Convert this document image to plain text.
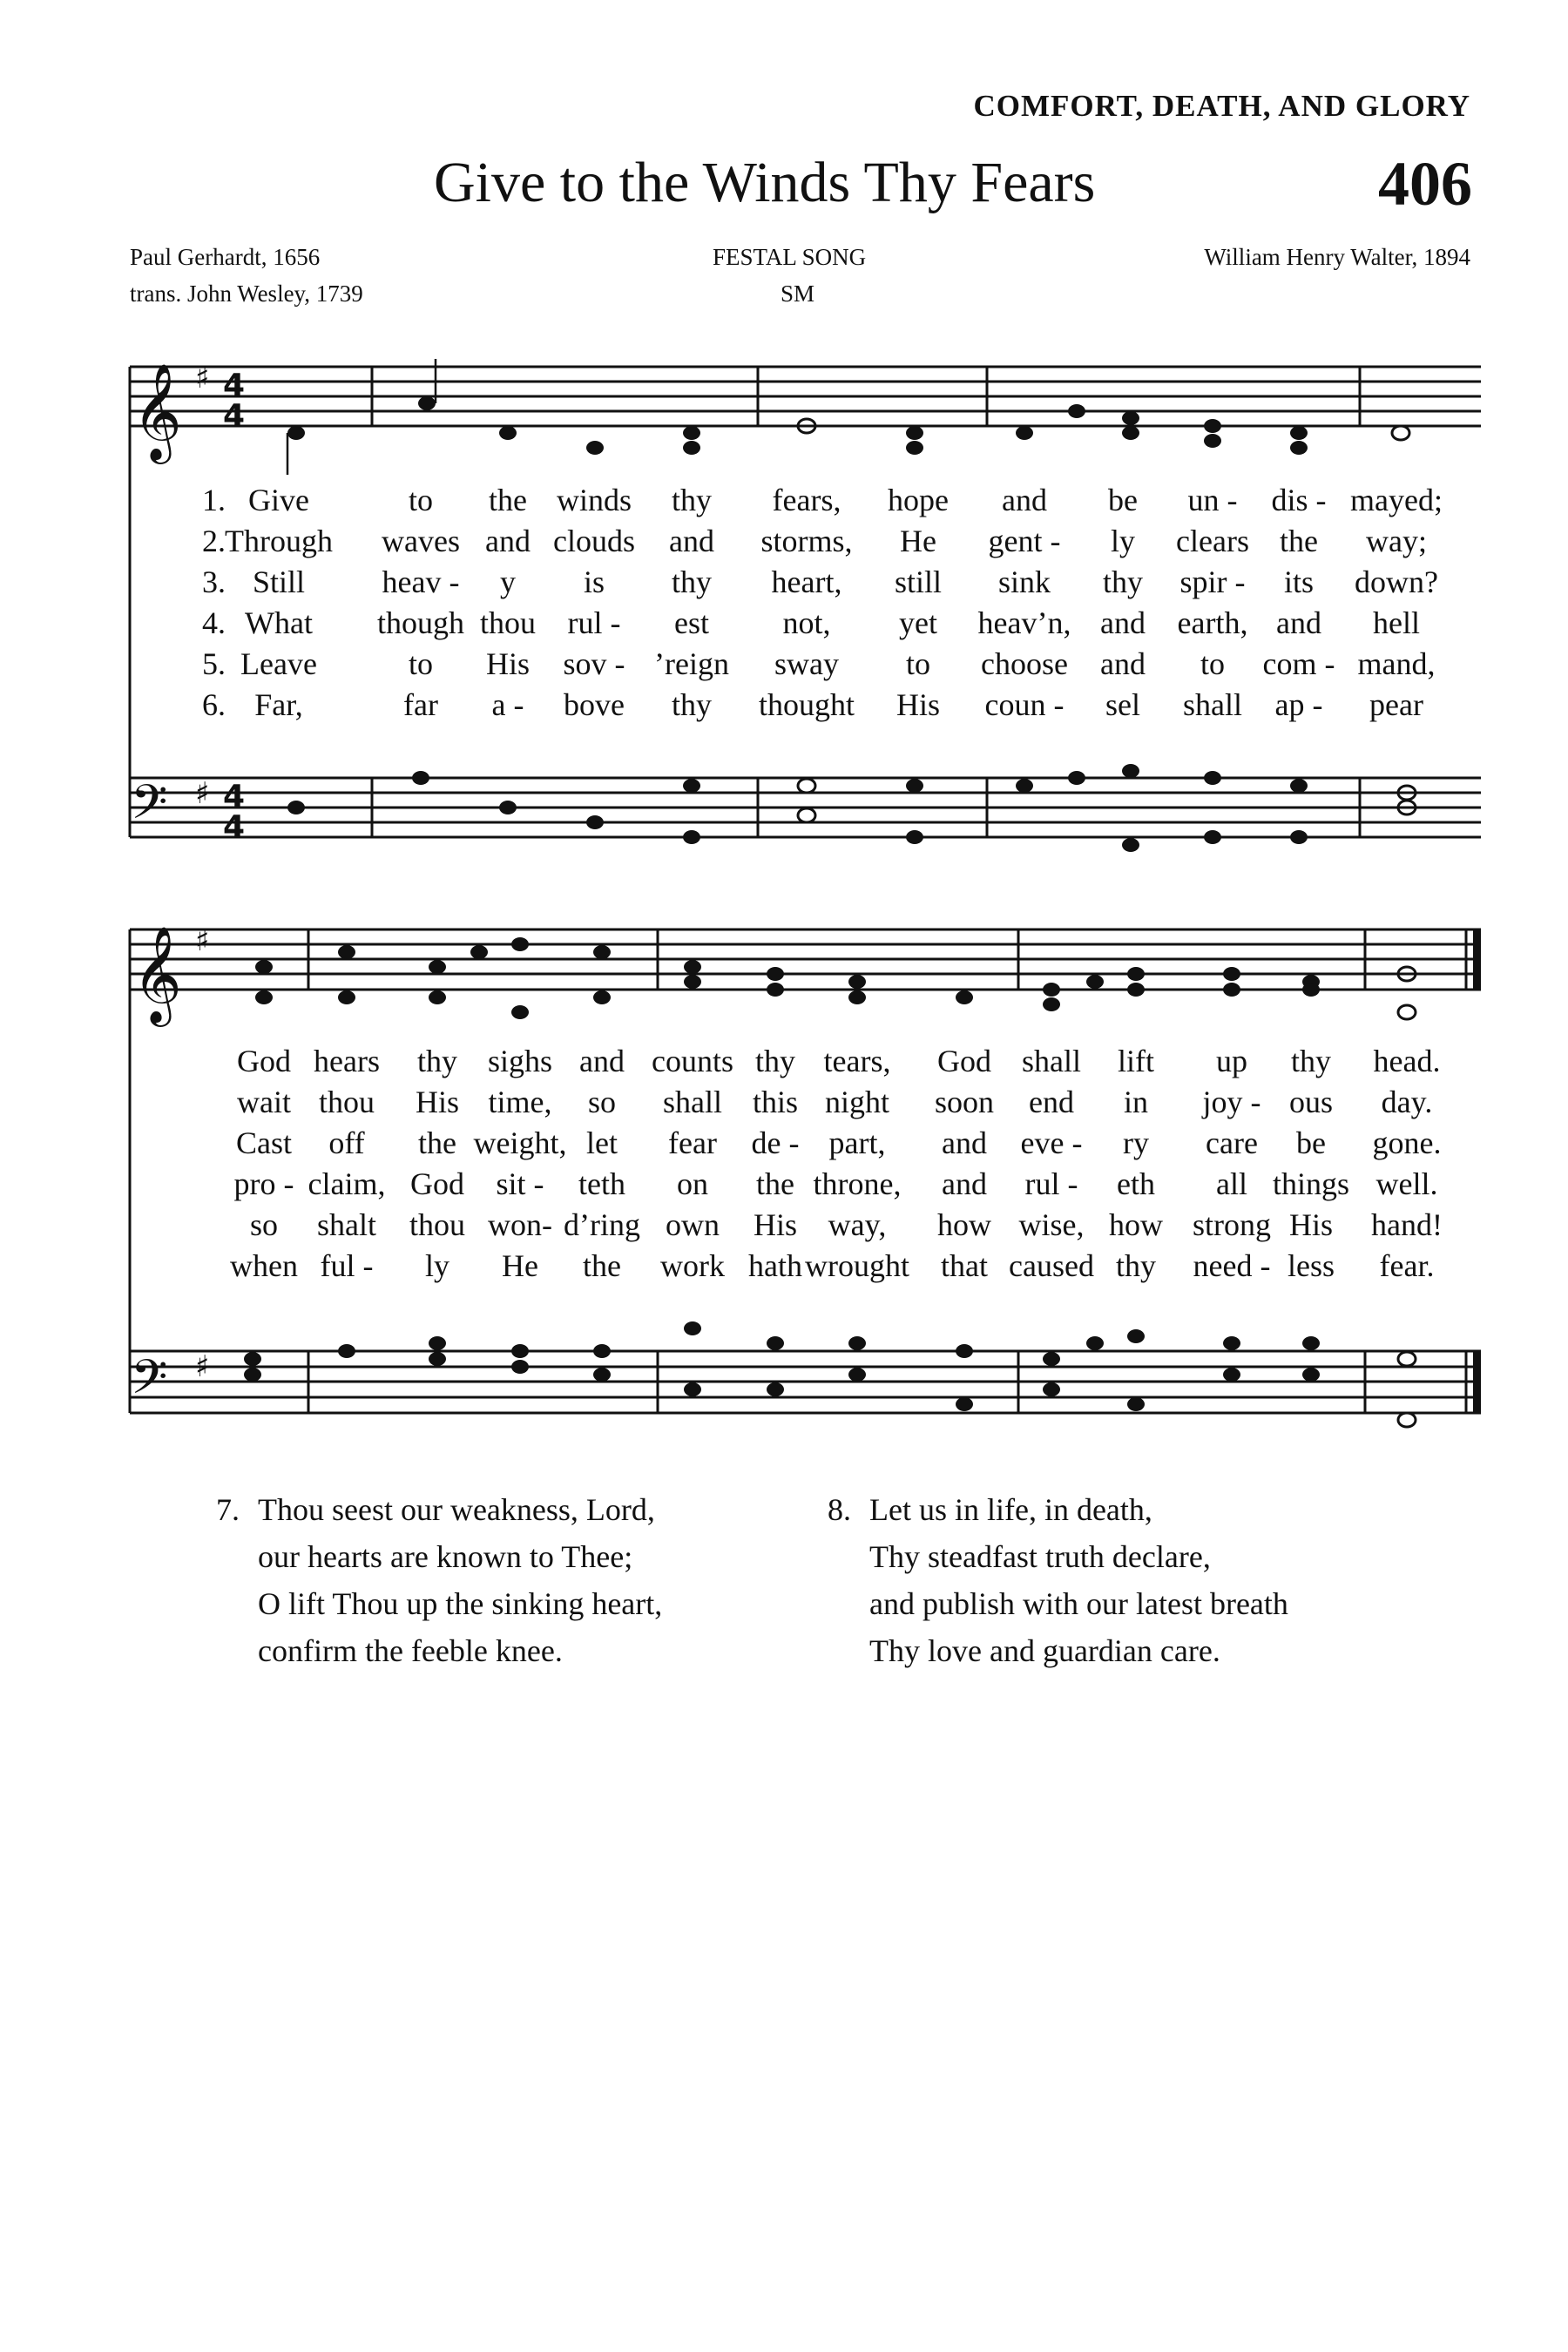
COMFORT, DEATH, AND GLORY
Give to the Winds Thy Fears	406
Paul Gerhardt, 1656
trans. John Wesley, 1739
FESTAL SONG
SM
William Henry Walter, 1894
𝄞 ♯ 4
4
𝄢 ♯ 4
4
𝄞 ♯
𝄢 ♯
1.
2.
3.
4.
5.
6.
Give	to the winds thy fears, hope and be un - dis - mayed;
Through waves and clouds and storms, He gent - ly clears the way;
Still heav - y is thy heart, still sink thy spir - its down?
What though thou rul - est not, yet heav’n, and earth, and hell
Leave	to His sov - ’reign sway to choose and to com - mand,
Far,	far a - bove thy thought His coun - sel shall ap - pear
God hears thy sighs and counts thy tears, God shall lift up thy head.
wait thou His time, so shall this night soon end in joy - ous day.
Cast off the weight, let fear de - part, and eve - ry care be gone.
pro - claim, God sit - teth on the throne, and rul - eth all things well.
so shalt thou won- d’ring own His way, how wise, how strong His hand!
when ful - ly He the work hath wrought that caused thy need - less fear.
7. Thou seest our weakness, Lord,
our hearts are known to Thee;
O lift Thou up the sinking heart,
confirm the feeble knee.
8. Let us in life, in death,
Thy steadfast truth declare,
and publish with our latest breath
Thy love and guardian care.
